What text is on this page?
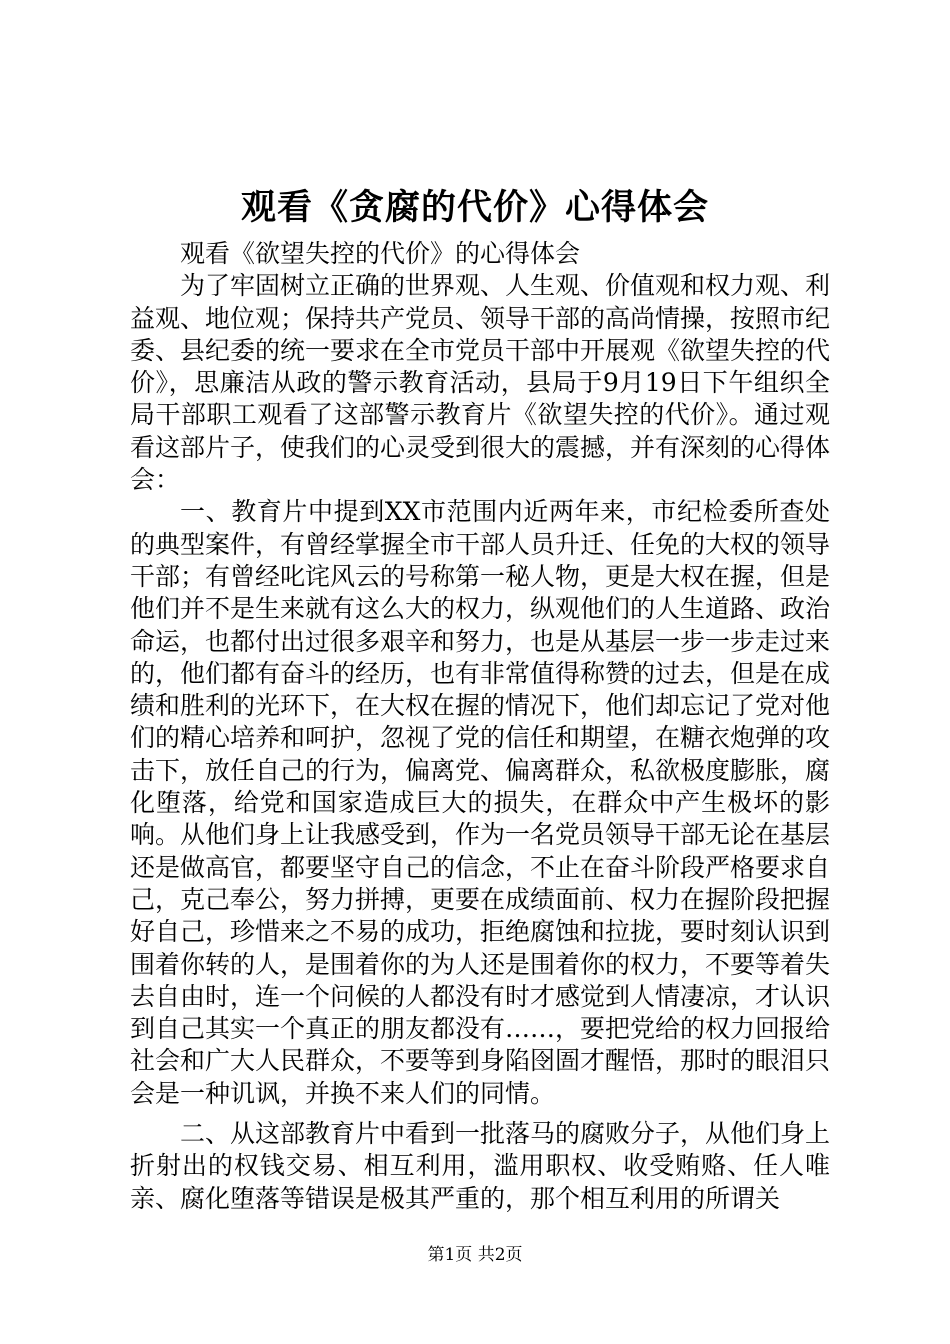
观看《贪腐的代价》心得体会

观看《欲望失控的代价》的心得体会

为了牢固树立正确的世界观、人生观、价值观和权力观、利益观、地位观；保持共产党员、领导干部的高尚情操，按照市纪委、县纪委的统一要求在全市党员干部中开展观《欲望失控的代价》，思廉洁从政的警示教育活动，县局于9月19日下午组织全局干部职工观看了这部警示教育片《欲望失控的代价》。通过观看这部片子，使我们的心灵受到很大的震撼，并有深刻的心得体会：

一、教育片中提到XX市范围内近两年来，市纪检委所查处的典型案件，有曾经掌握全市干部人员升迁、任免的大权的领导干部；有曾经叱诧风云的号称第一秘人物，更是大权在握，但是他们并不是生来就有这么大的权力，纵观他们的人生道路、政治命运，也都付出过很多艰辛和努力，也是从基层一步一步走过来的，他们都有奋斗的经历，也有非常值得称赞的过去，但是在成绩和胜利的光环下，在大权在握的情况下，他们却忘记了党对他们的精心培养和呵护，忽视了党的信任和期望，在糖衣炮弹的攻击下，放任自己的行为，偏离党、偏离群众，私欲极度膨胀，腐化堕落，给党和国家造成巨大的损失，在群众中产生极坏的影响。从他们身上让我感受到，作为一名党员领导干部无论在基层还是做高官，都要坚守自己的信念，不止在奋斗阶段严格要求自己，克己奉公，努力拼搏，更要在成绩面前、权力在握阶段把握好自己，珍惜来之不易的成功，拒绝腐蚀和拉拢，要时刻认识到围着你转的人，是围着你的为人还是围着你的权力，不要等着失去自由时，连一个问候的人都没有时才感觉到人情凄凉，才认识到自己其实一个真正的朋友都没有……，要把党给的权力回报给社会和广大人民群众，不要等到身陷囹圄才醒悟，那时的眼泪只会是一种讥讽，并换不来人们的同情。

二、从这部教育片中看到一批落马的腐败分子，从他们身上折射出的权钱交易、相互利用，滥用职权、收受贿赂、任人唯亲、腐化堕落等错误是极其严重的，那个相互利用的所谓关

第1页 共2页
